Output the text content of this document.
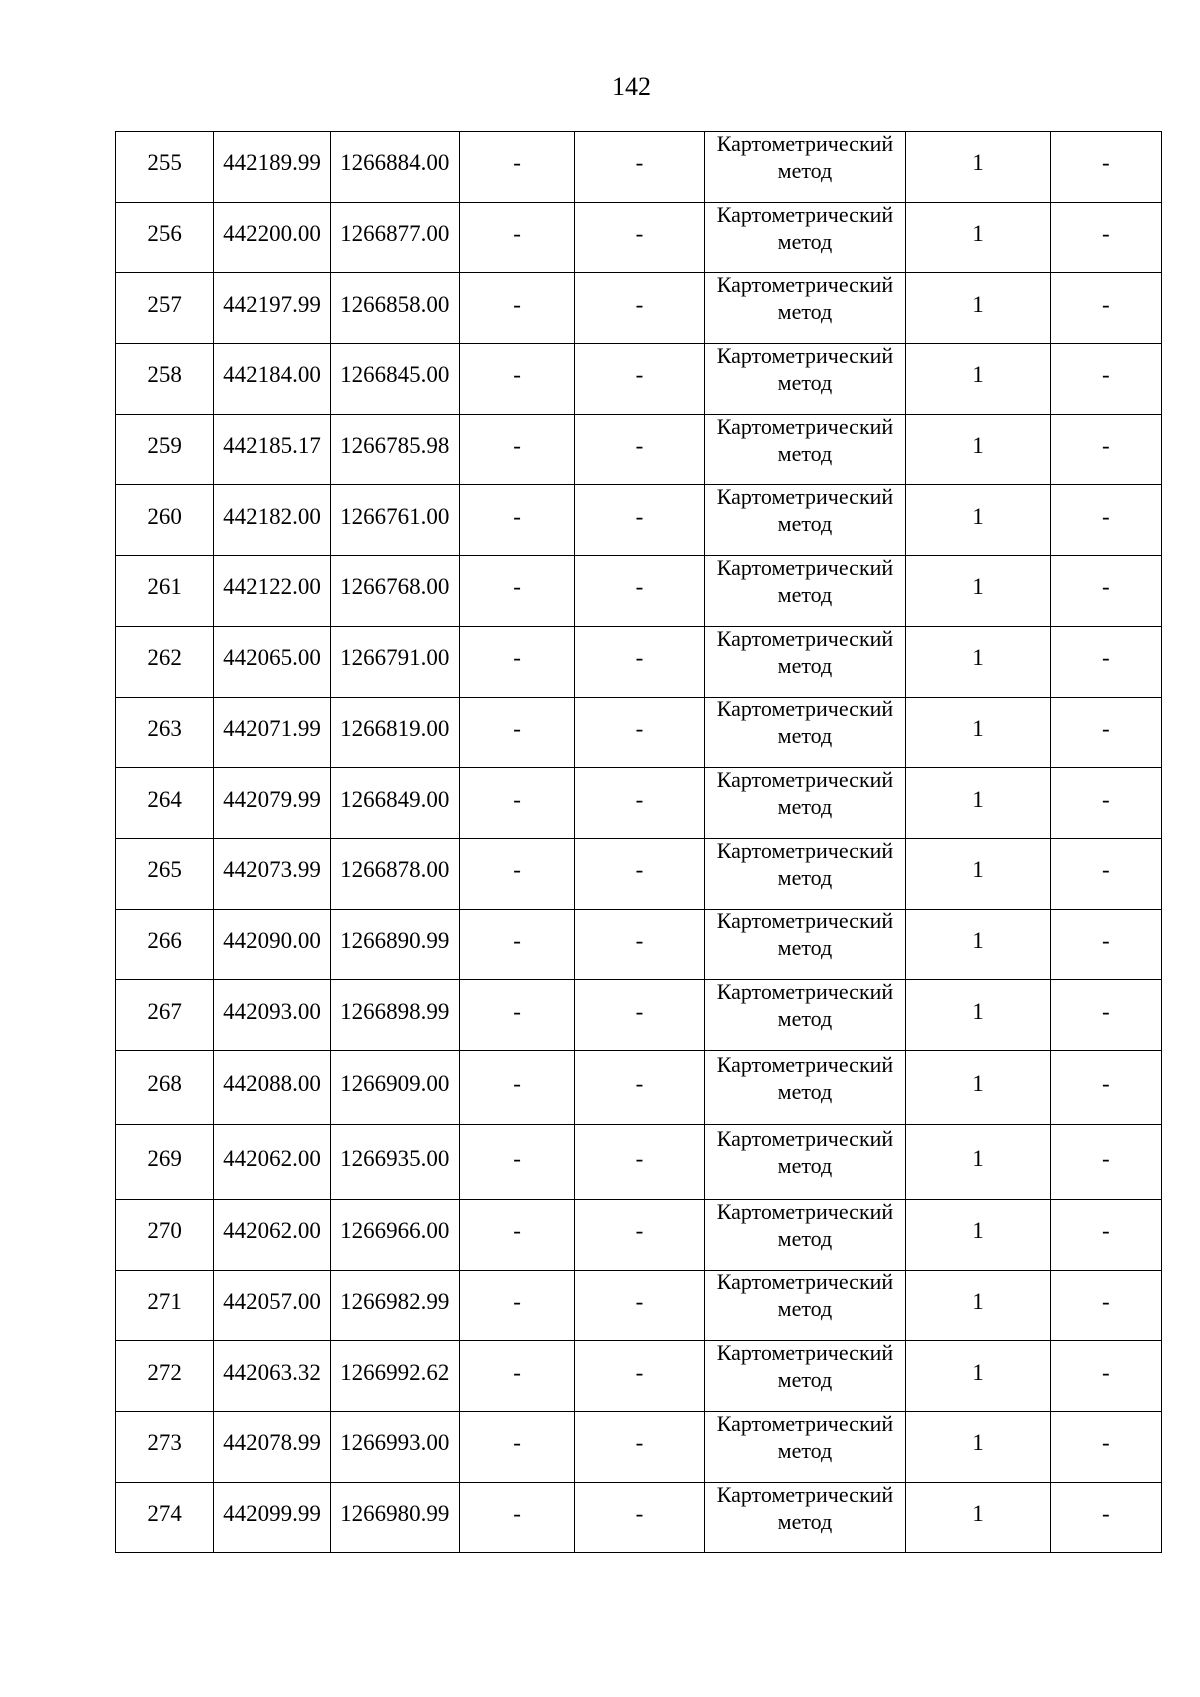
142
255	442189.99	1266884.00	-	-	Картометрический метод	1	-
256	442200.00	1266877.00	-	-	Картометрический метод	1	-
257	442197.99	1266858.00	-	-	Картометрический метод	1	-
258	442184.00	1266845.00	-	-	Картометрический метод	1	-
259	442185.17	1266785.98	-	-	Картометрический метод	1	-
260	442182.00	1266761.00	-	-	Картометрический метод	1	-
261	442122.00	1266768.00	-	-	Картометрический метод	1	-
262	442065.00	1266791.00	-	-	Картометрический метод	1	-
263	442071.99	1266819.00	-	-	Картометрический метод	1	-
264	442079.99	1266849.00	-	-	Картометрический метод	1	-
265	442073.99	1266878.00	-	-	Картометрический метод	1	-
266	442090.00	1266890.99	-	-	Картометрический метод	1	-
267	442093.00	1266898.99	-	-	Картометрический метод	1	-
268	442088.00	1266909.00	-	-	Картометрический метод	1	-
269	442062.00	1266935.00	-	-	Картометрический метод	1	-
270	442062.00	1266966.00	-	-	Картометрический метод	1	-
271	442057.00	1266982.99	-	-	Картометрический метод	1	-
272	442063.32	1266992.62	-	-	Картометрический метод	1	-
273	442078.99	1266993.00	-	-	Картометрический метод	1	-
274	442099.99	1266980.99	-	-	Картометрический метод	1	-
